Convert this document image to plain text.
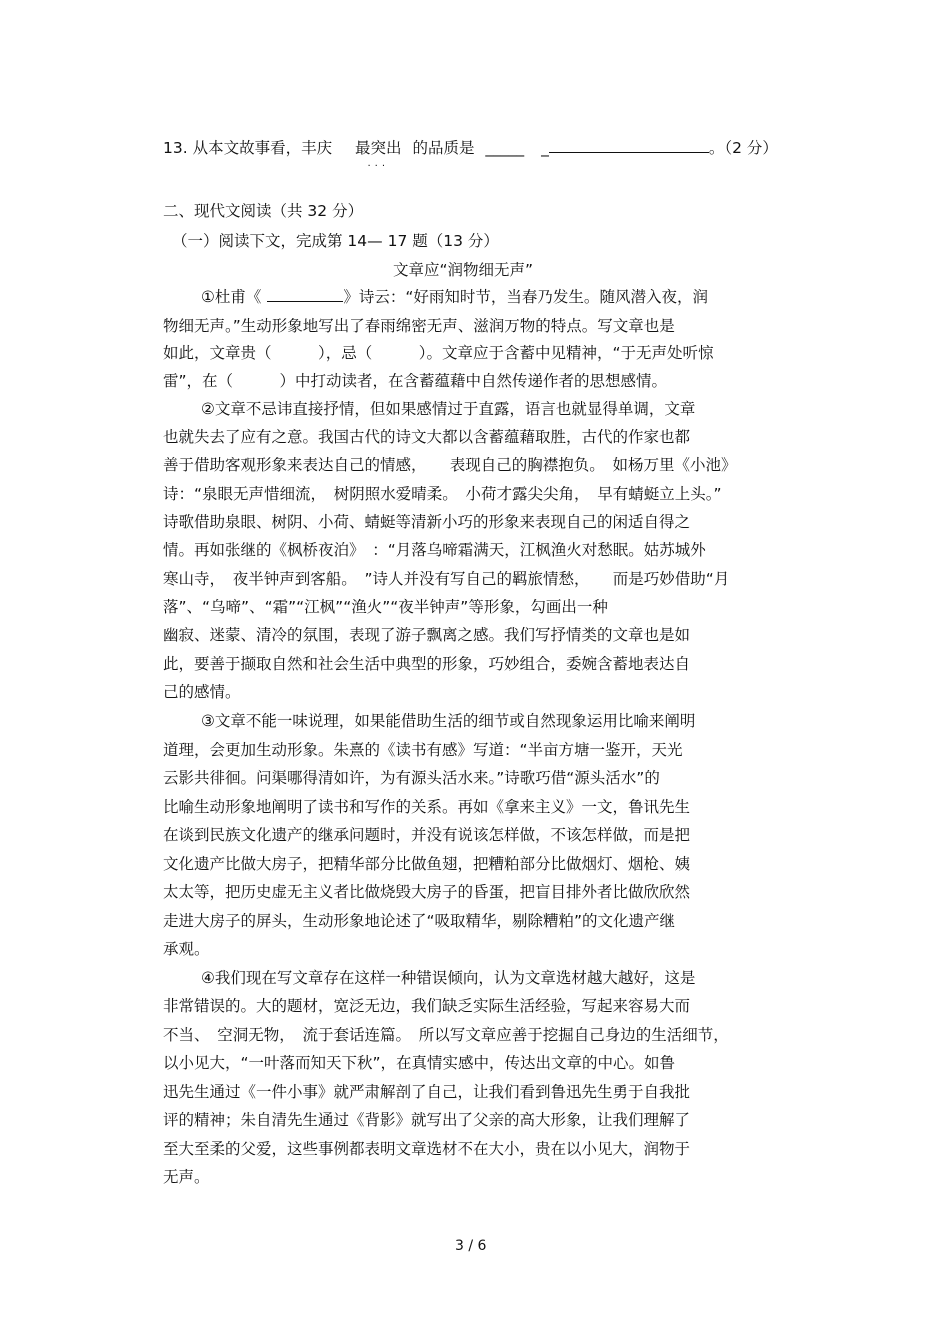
13. 从本文故事看，丰庆 最突出
···
的品质是 _____ _	。（2 分）
二、现代文阅读（共 32 分）
（一）阅读下文，完成第 14— 17 题（13 分）
文章应“润物细无声”
①杜甫《	》诗云：“好雨知时节，当春乃发生。随风潜入夜，润
物细无声。”生动形象地写出了春雨绵密无声、滋润万物的特点。写文章也是
如此，文章贵（　　　），忌（　　　）。文章应于含蓄中见精神，“于无声处听惊
雷”，在（　　　）中打动读者，在含蓄蕴藉中自然传递作者的思想感情。
②文章不忌讳直接抒情，但如果感情过于直露，语言也就显得单调，文章
也就失去了应有之意。我国古代的诗文大都以含蓄蕴藉取胜，古代的作家也都
善于借助客观形象来表达自己的情感，　　表现自己的胸襟抱负。　如杨万里《小池》
诗：“泉眼无声惜细流，　树阴照水爱晴柔。　小荷才露尖尖角，　早有蜻蜓立上头。”
诗歌借助泉眼、树阴、小荷、蜻蜓等清新小巧的形象来表现自己的闲适自得之
情。再如张继的《枫桥夜泊》　：“月落乌啼霜满天，江枫渔火对愁眠。姑苏城外
寒山寺，　夜半钟声到客船。　”诗人并没有写自己的羁旅情愁，　　而是巧妙借助“月
落”、“乌啼”、“霜”“江枫”“渔火”“夜半钟声”等形象，勾画出一种
幽寂、迷蒙、清冷的氛围，表现了游子飘离之感。我们写抒情类的文章也是如
此，要善于撷取自然和社会生活中典型的形象，巧妙组合，委婉含蓄地表达自
己的感情。
③文章不能一味说理，如果能借助生活的细节或自然现象运用比喻来阐明
道理，会更加生动形象。朱熹的《读书有感》写道：“半亩方塘一鉴开，天光
云影共徘徊。问渠哪得清如许，为有源头活水来。”诗歌巧借“源头活水”的
比喻生动形象地阐明了读书和写作的关系。再如《拿来主义》一文，鲁讯先生
在谈到民族文化遗产的继承问题时，并没有说该怎样做，不该怎样做，而是把
文化遗产比做大房子，把精华部分比做鱼翅，把糟粕部分比做烟灯、烟枪、姨
太太等，把历史虚无主义者比做烧毁大房子的昏蛋，把盲目排外者比做欣欣然
走进大房子的屏头，生动形象地论述了“吸取精华，剔除糟粕”的文化遗产继
承观。
④我们现在写文章存在这样一种错误倾向，认为文章选材越大越好，这是
非常错误的。大的题材，宽泛无边，我们缺乏实际生活经验，写起来容易大而
不当、　空洞无物，　流于套话连篇。　所以写文章应善于挖掘自己身边的生活细节，
以小见大，“一叶落而知天下秋”，在真情实感中，传达出文章的中心。如鲁
迅先生通过《一件小事》就严肃解剖了自己，让我们看到鲁迅先生勇于自我批
评的精神；朱自清先生通过《背影》就写出了父亲的高大形象，让我们理解了
至大至柔的父爱，这些事例都表明文章选材不在大小，贵在以小见大，润物于
无声。
3 / 6
